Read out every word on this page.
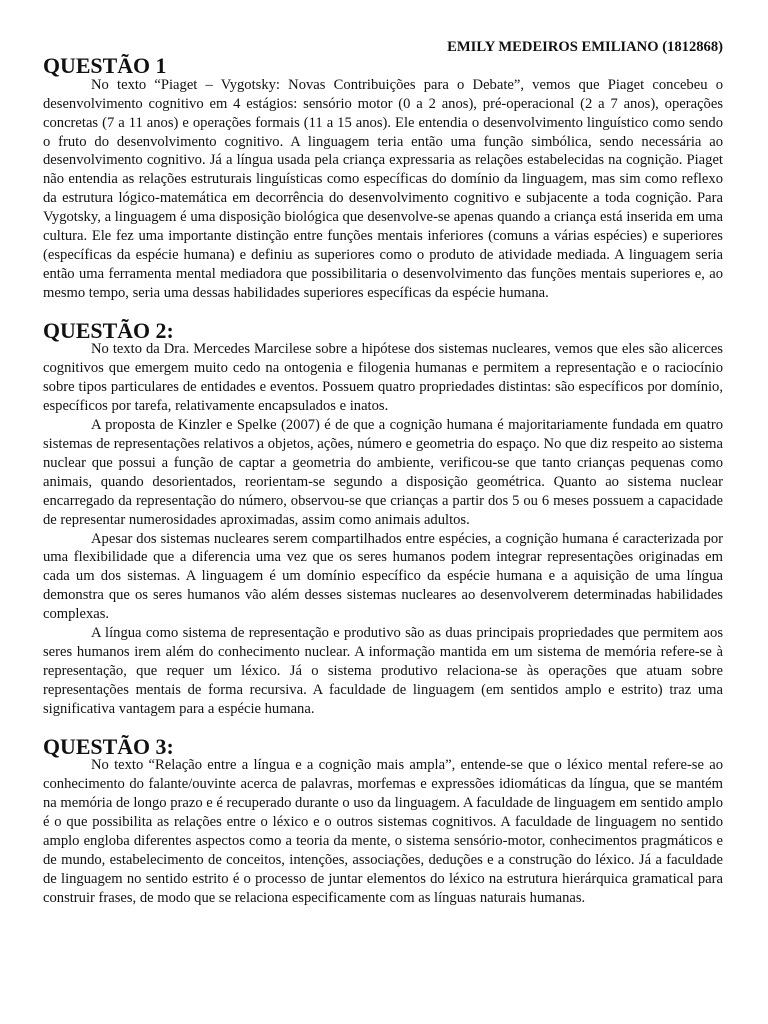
EMILY MEDEIROS EMILIANO (1812868)
QUESTÃO 1

No texto “Piaget – Vygotsky: Novas Contribuições para o Debate”, vemos que Piaget concebeu o desenvolvimento cognitivo em 4 estágios: sensório motor (0 a 2 anos), pré-operacional (2 a 7 anos), operações concretas (7 a 11 anos) e operações formais (11 a 15 anos). Ele entendia o desenvolvimento linguístico como sendo o fruto do desenvolvimento cognitivo. A linguagem teria então uma função simbólica, sendo necessária ao desenvolvimento cognitivo. Já a língua usada pela criança expressaria as relações estabelecidas na cognição. Piaget não entendia as relações estruturais linguísticas como específicas do domínio da linguagem, mas sim como reflexo da estrutura lógico-matemática em decorrência do desenvolvimento cognitivo e subjacente a toda cognição. Para Vygotsky, a linguagem é uma disposição biológica que desenvolve-se apenas quando a criança está inserida em uma cultura. Ele fez uma importante distinção entre funções mentais inferiores (comuns a várias espécies) e superiores (específicas da espécie humana) e definiu as superiores como o produto de atividade mediada. A linguagem seria então uma ferramenta mental mediadora que possibilitaria o desenvolvimento das funções mentais superiores e, ao mesmo tempo, seria uma dessas habilidades superiores específicas da espécie humana.

QUESTÃO 2:

No texto da Dra. Mercedes Marcilese sobre a hipótese dos sistemas nucleares, vemos que eles são alicerces cognitivos que emergem muito cedo na ontogenia e filogenia humanas e permitem a representação e o raciocínio sobre tipos particulares de entidades e eventos. Possuem quatro propriedades distintas: são específicos por domínio, específicos por tarefa, relativamente encapsulados e inatos.

A proposta de Kinzler e Spelke (2007) é de que a cognição humana é majoritariamente fundada em quatro sistemas de representações relativos a objetos, ações, número e geometria do espaço. No que diz respeito ao sistema nuclear que possui a função de captar a geometria do ambiente, verificou-se que tanto crianças pequenas como animais, quando desorientados, reorientam-se segundo a disposição geométrica. Quanto ao sistema nuclear encarregado da representação do número, observou-se que crianças a partir dos 5 ou 6 meses possuem a capacidade de representar numerosidades aproximadas, assim como animais adultos.

Apesar dos sistemas nucleares serem compartilhados entre espécies, a cognição humana é caracterizada por uma flexibilidade que a diferencia uma vez que os seres humanos podem integrar representações originadas em cada um dos sistemas. A linguagem é um domínio específico da espécie humana e a aquisição de uma língua demonstra que os seres humanos vão além desses sistemas nucleares ao desenvolverem determinadas habilidades complexas.

A língua como sistema de representação e produtivo são as duas principais propriedades que permitem aos seres humanos irem além do conhecimento nuclear. A informação mantida em um sistema de memória refere-se à representação, que requer um léxico. Já o sistema produtivo relaciona-se às operações que atuam sobre representações mentais de forma recursiva. A faculdade de linguagem (em sentidos amplo e estrito) traz uma significativa vantagem para a espécie humana.

QUESTÃO 3:

No texto “Relação entre a língua e a cognição mais ampla”, entende-se que o léxico mental refere-se ao conhecimento do falante/ouvinte acerca de palavras, morfemas e expressões idiomáticas da língua, que se mantém na memória de longo prazo e é recuperado durante o uso da linguagem. A faculdade de linguagem em sentido amplo é o que possibilita as relações entre o léxico e o outros sistemas cognitivos. A faculdade de linguagem no sentido amplo engloba diferentes aspectos como a teoria da mente, o sistema sensório-motor, conhecimentos pragmáticos e de mundo, estabelecimento de conceitos, intenções, associações, deduções e a construção do léxico. Já a faculdade de linguagem no sentido estrito é o processo de juntar elementos do léxico na estrutura hierárquica gramatical para construir frases, de modo que se relaciona especificamente com as línguas naturais humanas.
